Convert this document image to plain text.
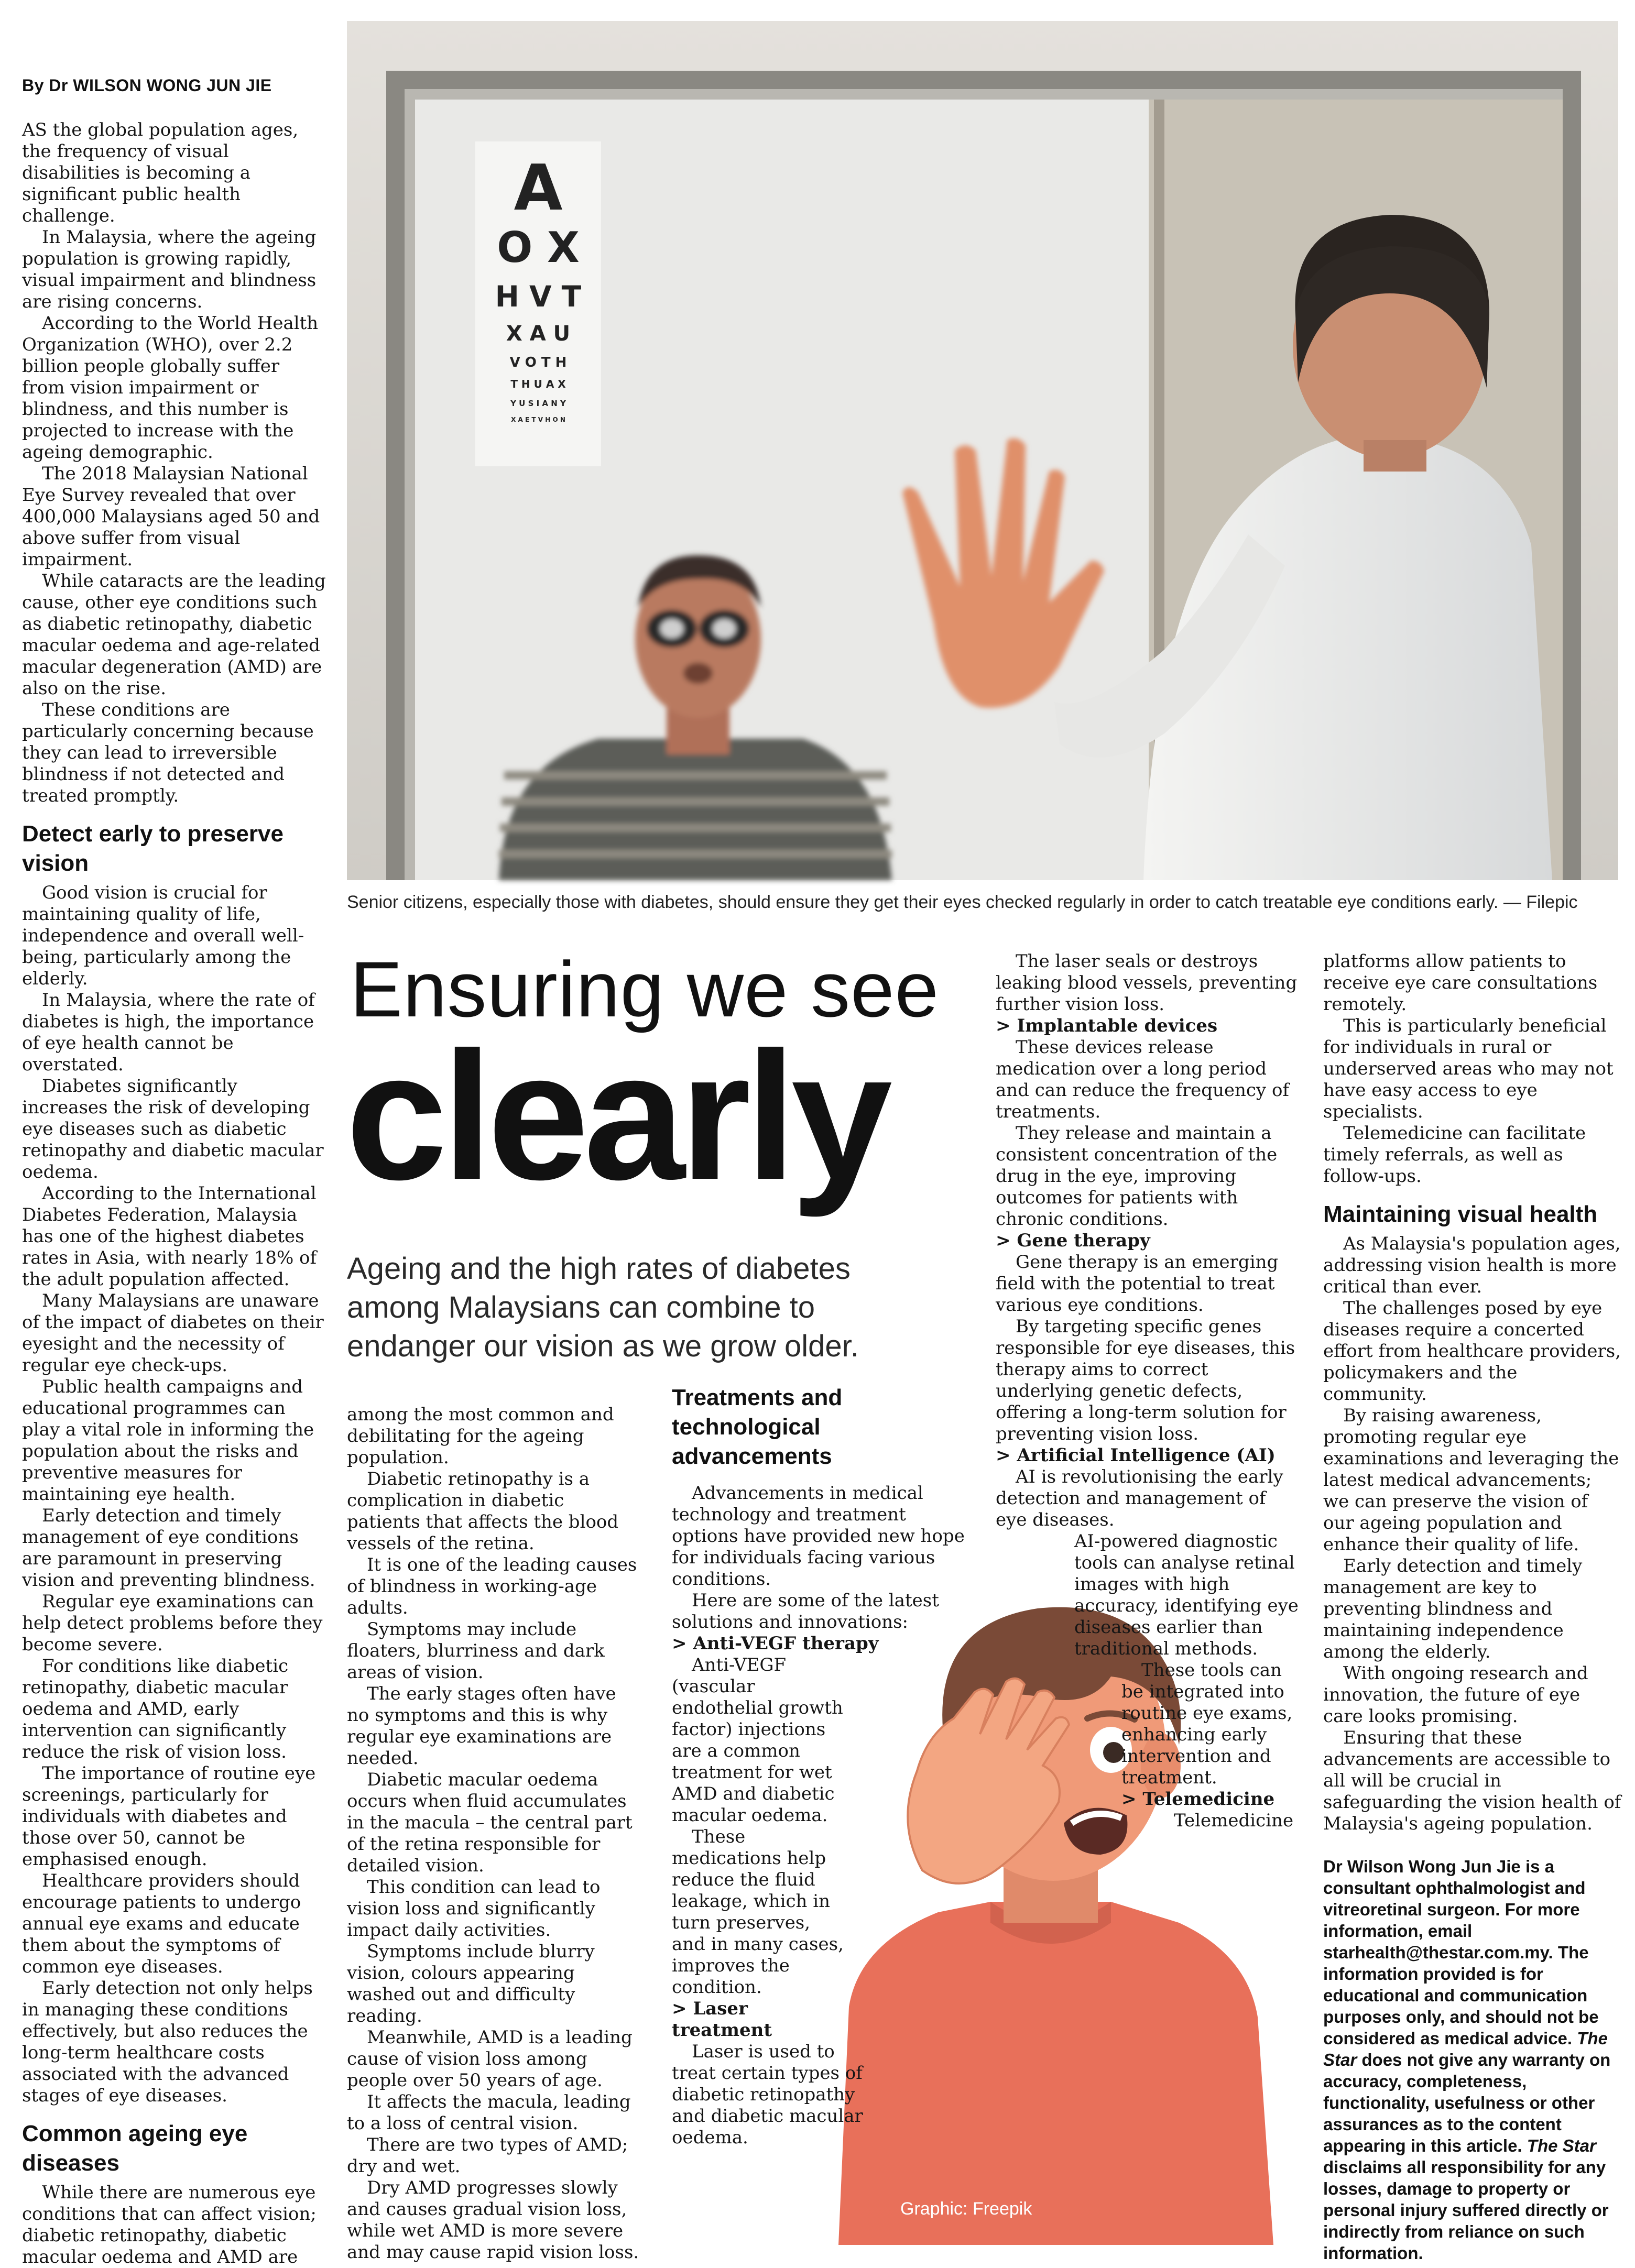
By Dr WILSON WONG JUN JIE
A
O X
H V T
X A U
V O T H
T H U A X
Y U S I A N Y
X A E T V H O N
Senior citizens, especially those with diabetes, should ensure they get their eyes checked regularly in order to catch treatable eye conditions early. — Filepic
Ensuring we see
clearly
Ageing and the high rates of diabetes among Malaysians can combine to endanger our vision as we grow older.

AS the global population ages, the frequency of visual disabilities is becoming a significant public health challenge.

In Malaysia, where the ageing population is growing rapidly, visual impairment and blindness are rising concerns.

According to the World Health Organization (WHO), over 2.2 billion people globally suffer from vision impairment or blindness, and this number is projected to increase with the ageing demographic.

The 2018 Malaysian National Eye Survey revealed that over 400,000 Malaysians aged 50 and above suffer from visual impairment.

While cataracts are the leading cause, other eye conditions such as diabetic retinopathy, diabetic macular oedema and age-related macular degeneration (AMD) are also on the rise.

These conditions are particularly concerning because they can lead to irreversible blindness if not detected and treated promptly.

Detect early to preserve vision

Good vision is crucial for maintaining quality of life, independence and overall well-being, particularly among the elderly.

In Malaysia, where the rate of diabetes is high, the importance of eye health cannot be overstated.

Diabetes significantly increases the risk of developing eye diseases such as diabetic retinopathy and diabetic macular oedema.

According to the International Diabetes Federation, Malaysia has one of the highest diabetes rates in Asia, with nearly 18% of the adult population affected.

Many Malaysians are unaware of the impact of diabetes on their eyesight and the necessity of regular eye check-ups.

Public health campaigns and educational programmes can play a vital role in informing the population about the risks and preventive measures for maintaining eye health.

Early detection and timely management of eye conditions are paramount in preserving vision and preventing blindness.

Regular eye examinations can help detect problems before they become severe.

For conditions like diabetic retinopathy, diabetic macular oedema and AMD, early intervention can significantly reduce the risk of vision loss.

The importance of routine eye screenings, particularly for individuals with diabetes and those over 50, cannot be emphasised enough.

Healthcare providers should encourage patients to undergo annual eye exams and educate them about the symptoms of common eye diseases.

Early detection not only helps in managing these conditions effectively, but also reduces the long-term healthcare costs associated with the advanced stages of eye diseases.

Common ageing eye diseases

While there are numerous eye conditions that can affect vision; diabetic retinopathy, diabetic macular oedema and AMD are

among the most common and debilitating for the ageing population.

Diabetic retinopathy is a complication in diabetic patients that affects the blood vessels of the retina.

It is one of the leading causes of blindness in working-age adults.

Symptoms may include floaters, blurriness and dark areas of vision.

The early stages often have no symptoms and this is why regular eye examinations are needed.

Diabetic macular oedema occurs when fluid accumulates in the macula – the central part of the retina responsible for detailed vision.

This condition can lead to vision loss and significantly impact daily activities.

Symptoms include blurry vision, colours appearing washed out and difficulty reading.

Meanwhile, AMD is a leading cause of vision loss among people over 50 years of age.

It affects the macula, leading to a loss of central vision.

There are two types of AMD; dry and wet.

Dry AMD progresses slowly and causes gradual vision loss, while wet AMD is more severe and may cause rapid vision loss.

Graphic: Freepik
Treatments and technological advancements

Advancements in medical technology and treatment options have provided new hope for individuals facing various conditions.

Here are some of the latest solutions and innovations:

> Anti-VEGF therapy

Anti-VEGF (vascular endothelial growth factor) injections are a common treatment for wet AMD and diabetic macular oedema.

These medications help reduce the fluid leakage, which in turn preserves, and in many cases, improves the condition.

> Laser treatment

Laser is used to treat certain types of diabetic retinopathy and diabetic macular oedema.

The laser seals or destroys leaking blood vessels, preventing further vision loss.

> Implantable devices

These devices release medication over a long period and can reduce the frequency of treatments.

They release and maintain a consistent concentration of the drug in the eye, improving outcomes for patients with chronic conditions.

> Gene therapy

Gene therapy is an emerging field with the potential to treat various eye conditions.

By targeting specific genes responsible for eye diseases, this therapy aims to correct underlying genetic defects, offering a long-term solution for preventing vision loss.

> Artificial Intelligence (AI)

AI is revolutionising the early detection and management of eye diseases.

AI-powered diagnostic tools can analyse retinal images with high accuracy, identifying eye diseases earlier than traditional methods.

These tools can be integrated into routine eye exams, enhancing early intervention and treatment.

> Telemedicine

Telemedicine

platforms allow patients to receive eye care consultations remotely.

This is particularly beneficial for individuals in rural or underserved areas who may not have easy access to eye specialists.

Telemedicine can facilitate timely referrals, as well as follow-ups.

Maintaining visual health

As Malaysia's population ages, addressing vision health is more critical than ever.

The challenges posed by eye diseases require a concerted effort from healthcare providers, policymakers and the community.

By raising awareness, promoting regular eye examinations and leveraging the latest medical advancements; we can preserve the vision of our ageing population and enhance their quality of life.

Early detection and timely management are key to preventing blindness and maintaining independence among the elderly.

With ongoing research and innovation, the future of eye care looks promising.

Ensuring that these advancements are accessible to all will be crucial in safeguarding the vision health of Malaysia's ageing population.

Dr Wilson Wong Jun Jie is a consultant ophthalmologist and vitreoretinal surgeon. For more information, email starhealth@thestar.com.my. The information provided is for educational and communication purposes only, and should not be considered as medical advice. The Star does not give any warranty on accuracy, completeness, functionality, usefulness or other assurances as to the content appearing in this article. The Star disclaims all responsibility for any losses, damage to property or personal injury suffered directly or indirectly from reliance on such information.
